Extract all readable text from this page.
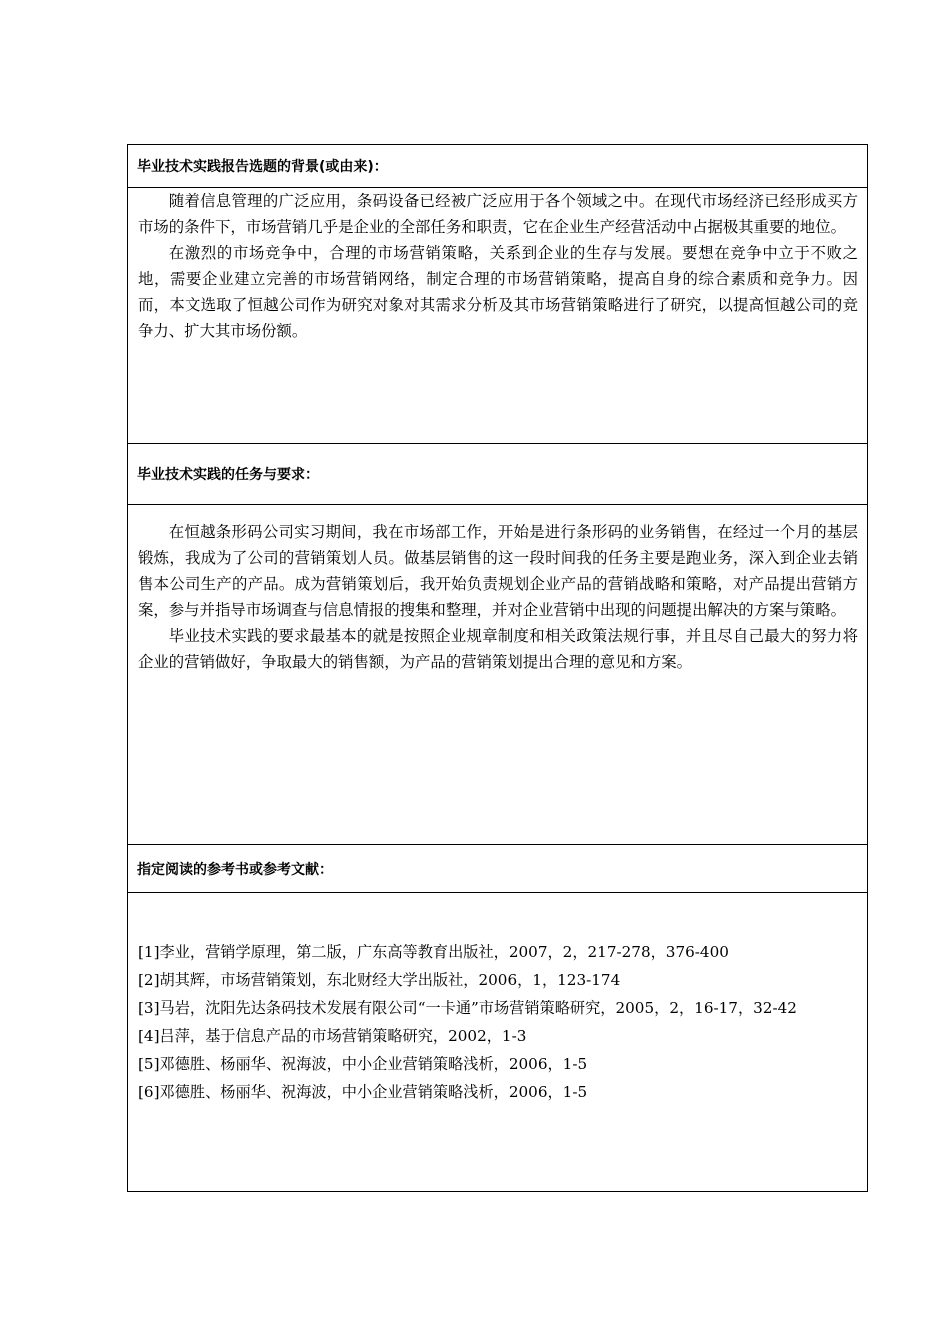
毕业技术实践报告选题的背景(或由来)：

随着信息管理的广泛应用，条码设备已经被广泛应用于各个领域之中。在现代市场经济已经形成买方市场的条件下，市场营销几乎是企业的全部任务和职责，它在企业生产经营活动中占据极其重要的地位。

在激烈的市场竞争中，合理的市场营销策略，关系到企业的生存与发展。要想在竞争中立于不败之地，需要企业建立完善的市场营销网络，制定合理的市场营销策略，提高自身的综合素质和竞争力。因而，本文选取了恒越公司作为研究对象对其需求分析及其市场营销策略进行了研究，以提高恒越公司的竞争力、扩大其市场份额。

毕业技术实践的任务与要求：

在恒越条形码公司实习期间，我在市场部工作，开始是进行条形码的业务销售，在经过一个月的基层锻炼，我成为了公司的营销策划人员。做基层销售的这一段时间我的任务主要是跑业务，深入到企业去销售本公司生产的产品。成为营销策划后，我开始负责规划企业产品的营销战略和策略，对产品提出营销方案，参与并指导市场调查与信息情报的搜集和整理，并对企业营销中出现的问题提出解决的方案与策略。

毕业技术实践的要求最基本的就是按照企业规章制度和相关政策法规行事，并且尽自己最大的努力将企业的营销做好，争取最大的销售额，为产品的营销策划提出合理的意见和方案。

指定阅读的参考书或参考文献：

[1]李业，营销学原理，第二版，广东高等教育出版社，2007，2，217-278，376-400

[2]胡其辉，市场营销策划，东北财经大学出版社，2006，1，123-174

[3]马岩，沈阳先达条码技术发展有限公司“一卡通”市场营销策略研究，2005，2，16-17，32-42

[4]吕萍，基于信息产品的市场营销策略研究，2002，1-3

[5]邓德胜、杨丽华、祝海波，中小企业营销策略浅析，2006，1-5

[6]邓德胜、杨丽华、祝海波，中小企业营销策略浅析，2006，1-5
